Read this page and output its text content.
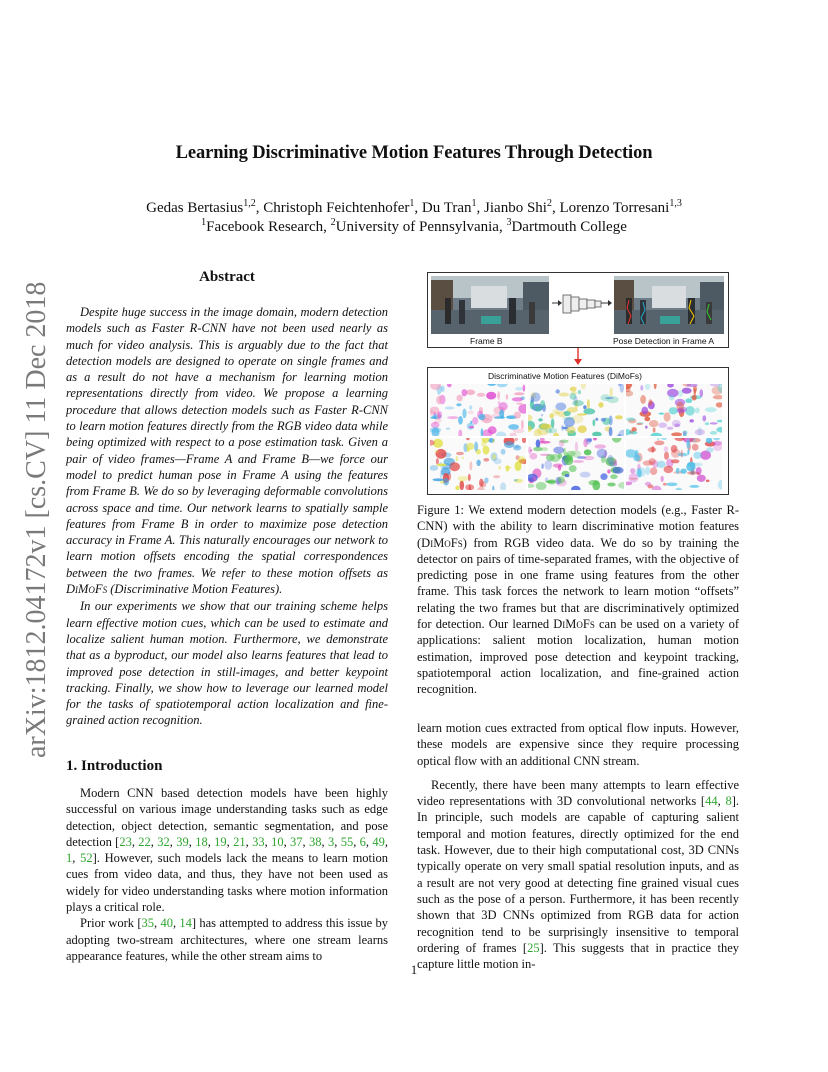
arXiv:1812.04172v1 [cs.CV] 11 Dec 2018
Learning Discriminative Motion Features Through Detection
Gedas Bertasius$^{1,2}$, Christoph Feichtenhofer$^1$, Du Tran$^1$, Jianbo Shi$^2$, Lorenzo Torresani$^{1,3}$
$^1$Facebook Research, $^2$University of Pennsylvania, $^3$Dartmouth College
Abstract

Despite huge success in the image domain, modern detection models such as Faster R-CNN have not been used nearly as much for video analysis. This is arguably due to the fact that detection models are designed to operate on single frames and as a result do not have a mechanism for learning motion representations directly from video. We propose a learning procedure that allows detection models such as Faster R-CNN to learn motion features directly from the RGB video data while being optimized with respect to a pose estimation task. Given a pair of video frames—Frame A and Frame B—we force our model to predict human pose in Frame A using the features from Frame B. We do so by leveraging deformable convolutions across space and time. Our network learns to spatially sample features from Frame B in order to maximize pose detection accuracy in Frame A. This naturally encourages our network to learn motion offsets encoding the spatial correspondences between the two frames. We refer to these motion offsets as DiMoFs (Discriminative Motion Features).

In our experiments we show that our training scheme helps learn effective motion cues, which can be used to estimate and localize salient human motion. Furthermore, we demonstrate that as a byproduct, our model also learns features that lead to improved pose detection in still-images, and better keypoint tracking. Finally, we show how to leverage our learned model for the tasks of spatiotemporal action localization and fine-grained action recognition.

1. Introduction

Modern CNN based detection models have been highly successful on various image understanding tasks such as edge detection, object detection, semantic segmentation, and pose detection [23, 22, 32, 39, 18, 19, 21, 33, 10, 37, 38, 3, 55, 6, 49, 1, 52]. However, such models lack the means to learn motion cues from video data, and thus, they have not been used as widely for video understanding tasks where motion information plays a critical role.

Prior work [35, 40, 14] has attempted to address this issue by adopting two-stream architectures, where one stream learns appearance features, while the other stream aims to

Frame B	Pose Detection in Frame A
Discriminative Motion Features (DiMoFs)

Figure 1: We extend modern detection models (e.g., Faster R-CNN) with the ability to learn discriminative motion features (DiMoFs) from RGB video data. We do so by training the detector on pairs of time-separated frames, with the objective of predicting pose in one frame using features from the other frame. This task forces the network to learn motion “offsets” relating the two frames but that are discriminatively optimized for detection. Our learned DiMoFs can be used on a variety of applications: salient motion localization, human motion estimation, improved pose detection and keypoint tracking, spatiotemporal action localization, and fine-grained action recognition.

learn motion cues extracted from optical flow inputs. However, these models are expensive since they require processing optical flow with an additional CNN stream.

Recently, there have been many attempts to learn effective video representations with 3D convolutional networks [44, 8]. In principle, such models are capable of capturing salient temporal and motion features, directly optimized for the end task. However, due to their high computational cost, 3D CNNs typically operate on very small spatial resolution inputs, and as a result are not very good at detecting fine grained visual cues such as the pose of a person. Furthermore, it has been recently shown that 3D CNNs optimized from RGB data for action recognition tend to be surprisingly insensitive to temporal ordering of frames [25]. This suggests that in practice they capture little motion in-

1
